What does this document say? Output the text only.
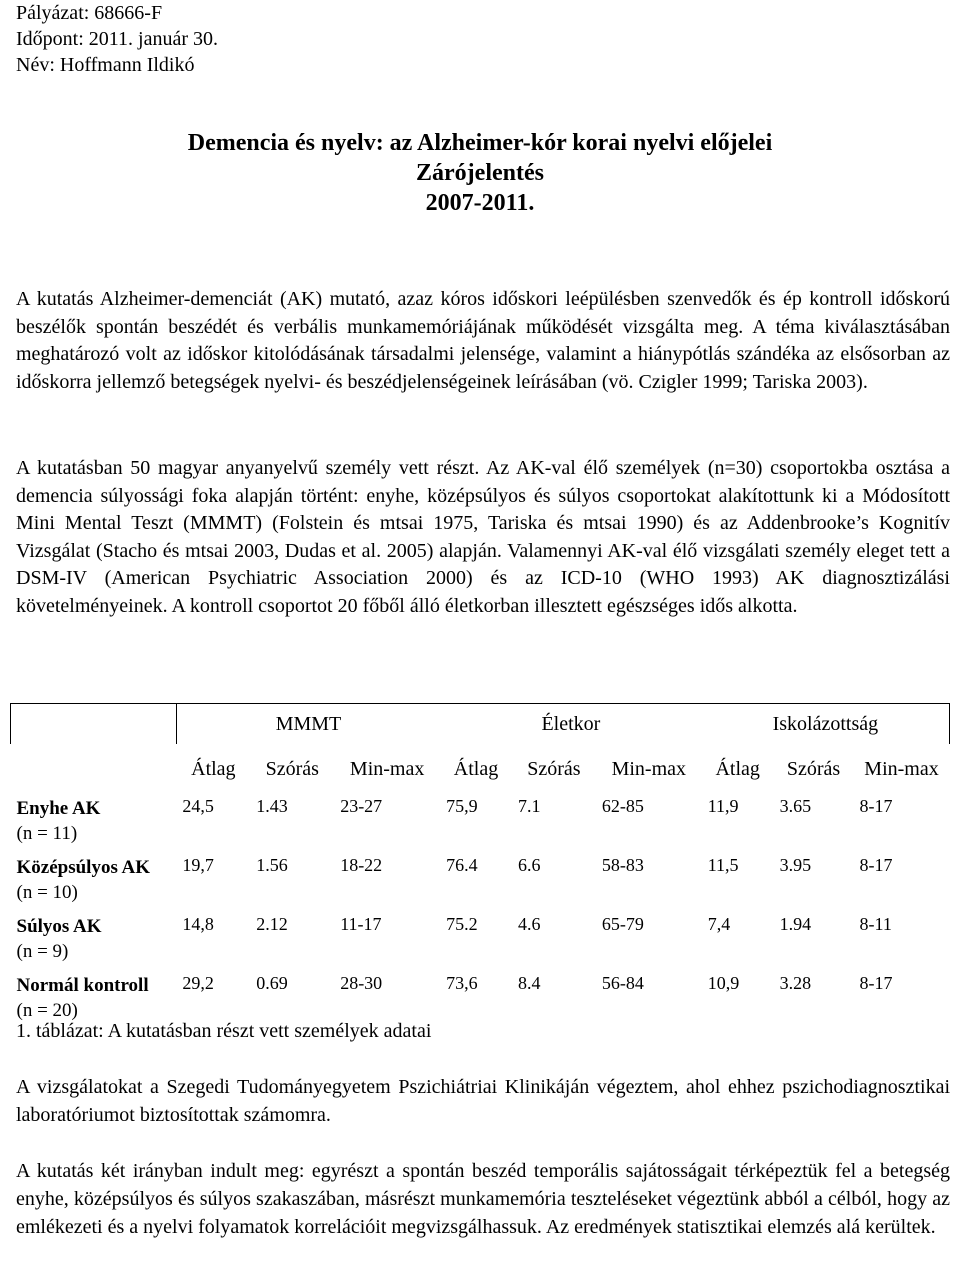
Pályázat: 68666-F
Időpont: 2011. január 30.
Név: Hoffmann Ildikó
Demencia és nyelv: az Alzheimer-kór korai nyelvi előjelei
Zárójelentés
2007-2011.

A kutatás Alzheimer-demenciát (AK) mutató, azaz kóros időskori leépülésben szenvedők és ép kontroll időskorú beszélők spontán beszédét és verbális munkamemóriájának működését vizsgálta meg. A téma kiválasztásában meghatározó volt az időskor kitolódásának társadalmi jelensége, valamint a hiánypótlás szándéka az elsősorban az időskorra jellemző betegségek nyelvi- és beszédjelenségeinek leírásában (vö. Czigler 1999; Tariska 2003).

A kutatásban 50 magyar anyanyelvű személy vett részt. Az AK-val élő személyek (n=30) csoportokba osztása a demencia súlyossági foka alapján történt: enyhe, középsúlyos és súlyos csoportokat alakítottunk ki a Módosított Mini Mental Teszt (MMMT) (Folstein és mtsai 1975, Tariska és mtsai 1990) és az Addenbrooke’s Kognitív Vizsgálat (Stacho és mtsai 2003, Dudas et al. 2005) alapján. Valamennyi AK-val élő vizsgálati személy eleget tett a DSM-IV (American Psychiatric Association 2000) és az ICD-10 (WHO 1993) AK diagnosztizálási követelményeinek. A kontroll csoportot 20 főből álló életkorban illesztett egészséges idős alkotta.

	MMMT			Életkor			Iskolázottság		
	Átlag	Szórás	Min-max	Átlag	Szórás	Min-max	Átlag	Szórás	Min-max

Enyhe AK
(n = 11)	24,5	1.43	23-27	75,9	7.1	62-85	11,9	3.65	8-17

Középsúlyos AK
(n = 10)	19,7	1.56	18-22	76.4	6.6	58-83	11,5	3.95	8-17

Súlyos AK
(n = 9)	14,8	2.12	11-17	75.2	4.6	65-79	7,4	1.94	8-11

Normál kontroll
(n = 20)	29,2	0.69	28-30	73,6	8.4	56-84	10,9	3.28	8-17
1. táblázat: A kutatásban részt vett személyek adatai

A vizsgálatokat a Szegedi Tudományegyetem Pszichiátriai Klinikáján végeztem, ahol ehhez pszichodiagnosztikai laboratóriumot biztosítottak számomra.

A kutatás két irányban indult meg: egyrészt a spontán beszéd temporális sajátosságait térképeztük fel a betegség enyhe, középsúlyos és súlyos szakaszában, másrészt munkamemória teszteléseket végeztünk abból a célból, hogy az emlékezeti és a nyelvi folyamatok korrelációit megvizsgálhassuk. Az eredmények statisztikai elemzés alá kerültek.
